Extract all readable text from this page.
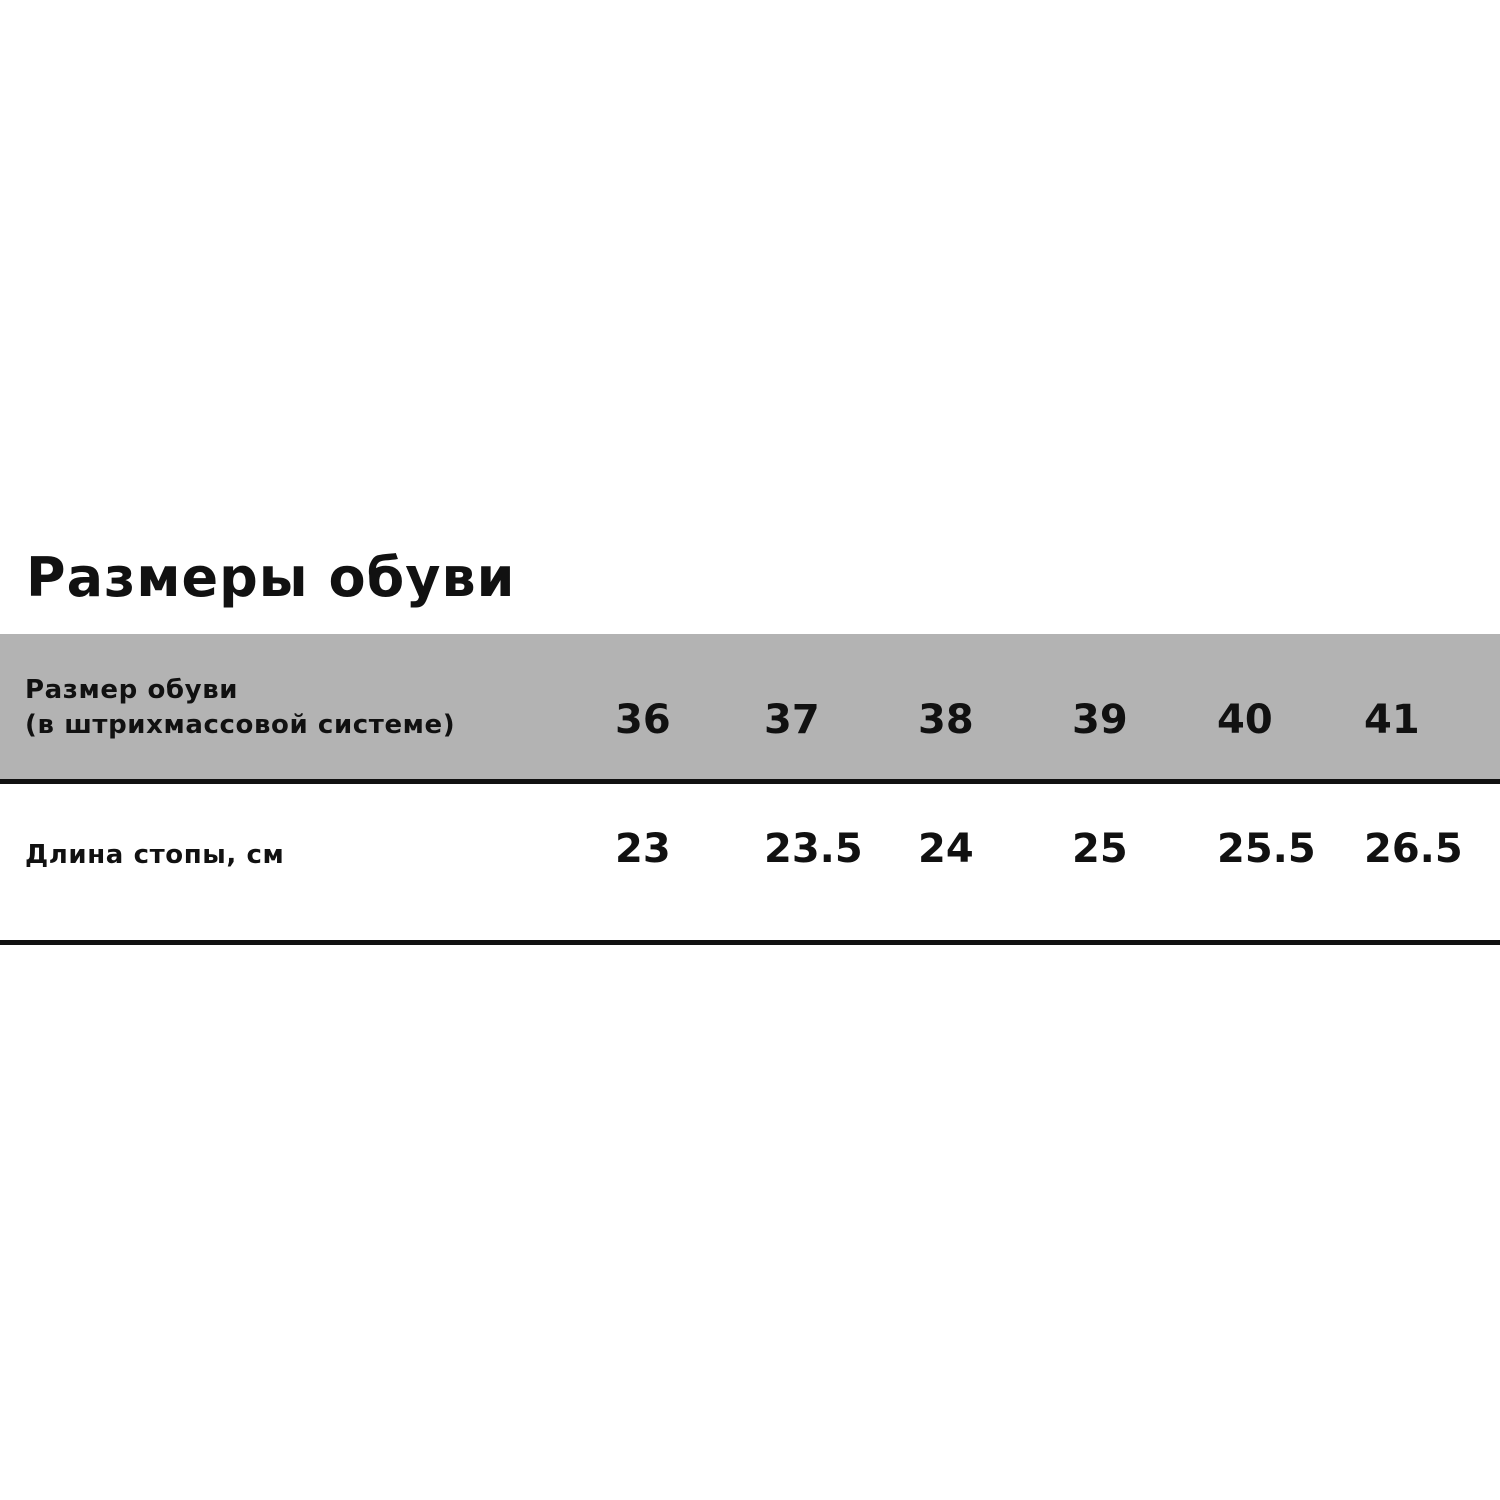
Размеры обуви
Размер обуви
(в штрихмассовой системе)	36 37 38 39 40 41
Длина стопы, см	23 23.5 24 25 25.5 26.5
